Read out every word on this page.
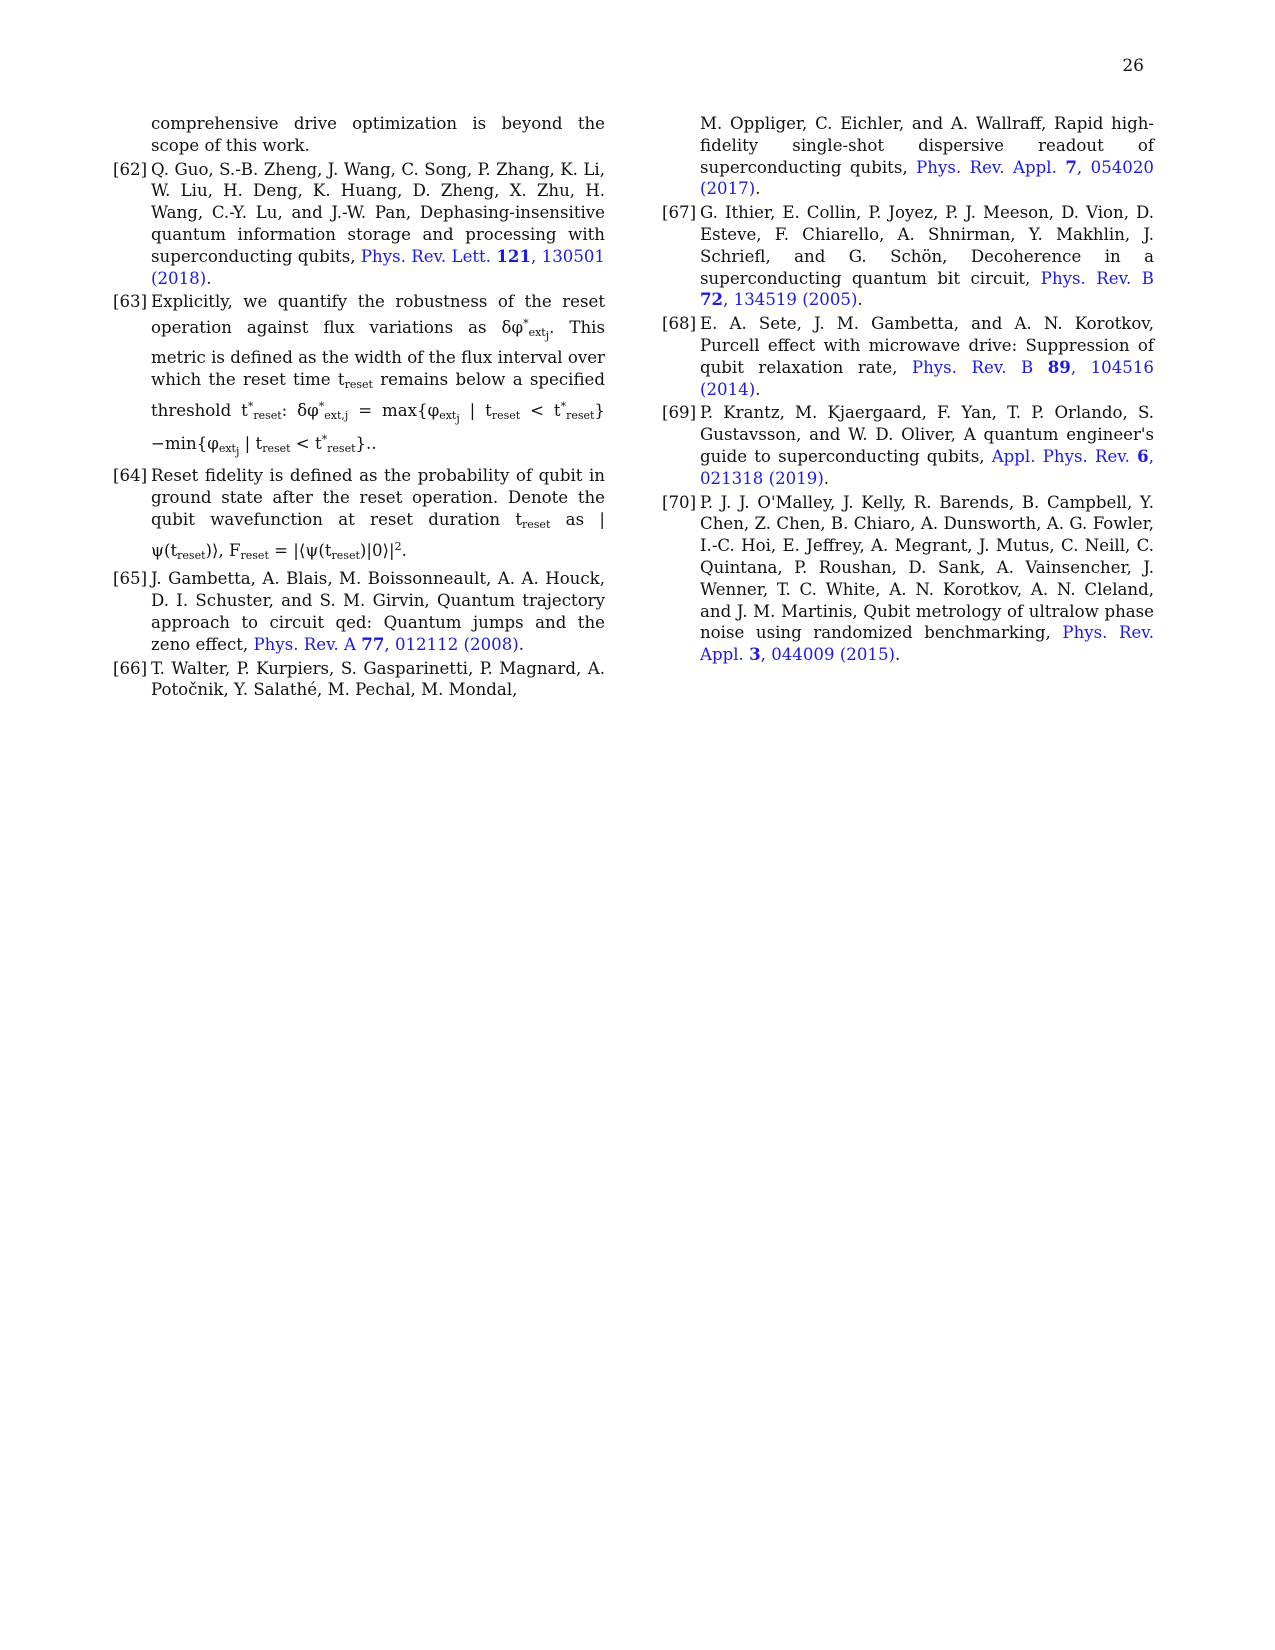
26
comprehensive drive optimization is beyond the scope of this work.
[62] Q. Guo, S.-B. Zheng, J. Wang, C. Song, P. Zhang, K. Li, W. Liu, H. Deng, K. Huang, D. Zheng, X. Zhu, H. Wang, C.-Y. Lu, and J.-W. Pan, Dephasing-insensitive quantum information storage and processing with superconducting qubits, Phys. Rev. Lett. 121, 130501 (2018).
[63] Explicitly, we quantify the robustness of the reset operation against flux variations as $\delta\varphi^*_{extj}$. This metric is defined as the width of the flux interval over which the reset time $t_{reset}$ remains below a specified threshold $t^*_{reset}$: $\delta\varphi^*_{ext,j} = \max\{\varphi_{extj}$ | $t_{reset} < t^*_{reset}\}-\min\{\varphi_{extj}$ | $t_{reset} < t^*_{reset}$}..
[64] Reset fidelity is defined as the probability of qubit in ground state after the reset operation. Denote the qubit wavefunction at reset duration $t_{reset}$ as $|\psi(t_{reset})⟩$, $F_{reset}$ = $|⟨\psi(t_{reset})|0⟩|^2$.
[65] J. Gambetta, A. Blais, M. Boissonneault, A. A. Houck, D. I. Schuster, and S. M. Girvin, Quantum trajectory approach to circuit qed: Quantum jumps and the zeno effect, Phys. Rev. A 77, 012112 (2008).
[66] T. Walter, P. Kurpiers, S. Gasparinetti, P. Magnard, A. Potočnik, Y. Salathé, M. Pechal, M. Mondal,
M. Oppliger, C. Eichler, and A. Wallraff, Rapid high-fidelity single-shot dispersive readout of superconducting qubits, Phys. Rev. Appl. 7, 054020 (2017).
[67] G. Ithier, E. Collin, P. Joyez, P. J. Meeson, D. Vion, D. Esteve, F. Chiarello, A. Shnirman, Y. Makhlin, J. Schriefl, and G. Schön, Decoherence in a superconducting quantum bit circuit, Phys. Rev. B 72, 134519 (2005).
[68] E. A. Sete, J. M. Gambetta, and A. N. Korotkov, Purcell effect with microwave drive: Suppression of qubit relaxation rate, Phys. Rev. B 89, 104516 (2014).
[69] P. Krantz, M. Kjaergaard, F. Yan, T. P. Orlando, S. Gustavsson, and W. D. Oliver, A quantum engineer's guide to superconducting qubits, Appl. Phys. Rev. 6, 021318 (2019).
[70] P. J. J. O'Malley, J. Kelly, R. Barends, B. Campbell, Y. Chen, Z. Chen, B. Chiaro, A. Dunsworth, A. G. Fowler, I.-C. Hoi, E. Jeffrey, A. Megrant, J. Mutus, C. Neill, C. Quintana, P. Roushan, D. Sank, A. Vainsencher, J. Wenner, T. C. White, A. N. Korotkov, A. N. Cleland, and J. M. Martinis, Qubit metrology of ultralow phase noise using randomized benchmarking, Phys. Rev. Appl. 3, 044009 (2015).
